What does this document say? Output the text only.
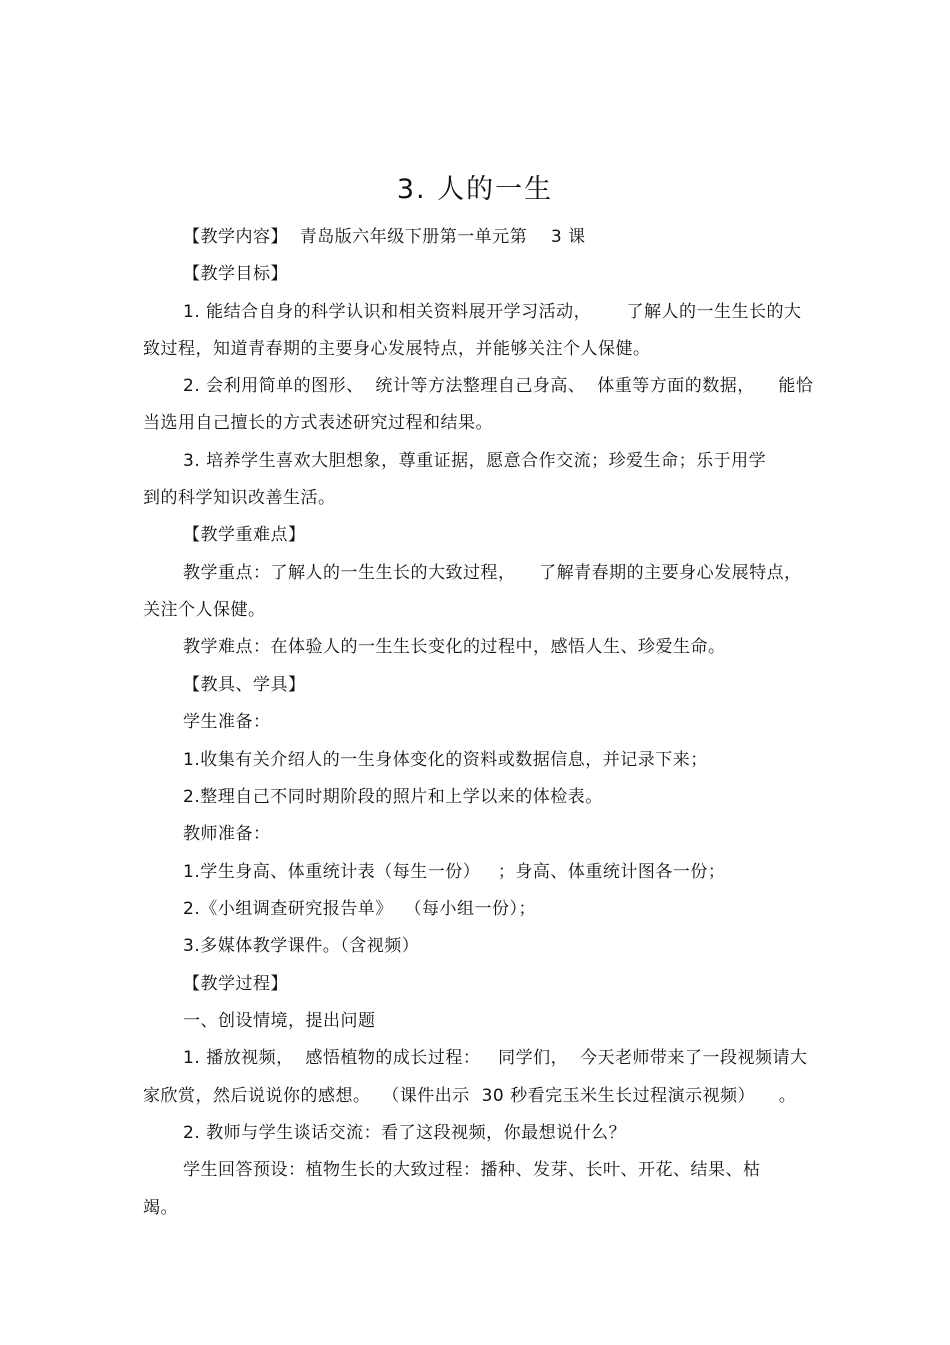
3. 人的一生
【教学内容】  青岛版六年级下册第一单元第    3 课
【教学目标】
1. 能结合自身的科学认识和相关资料展开学习活动，      了解人的一生生长的大
致过程，知道青春期的主要身心发展特点，并能够关注个人保健。
2. 会利用简单的图形、  统计等方法整理自己身高、  体重等方面的数据，    能恰
当选用自己擅长的方式表述研究过程和结果。
3. 培养学生喜欢大胆想象，尊重证据，愿意合作交流；珍爱生命；乐于用学
到的科学知识改善生活。
【教学重难点】
教学重点：了解人的一生生长的大致过程，    了解青春期的主要身心发展特点，
关注个人保健。
教学难点：在体验人的一生生长变化的过程中，感悟人生、珍爱生命。
【教具、学具】
学生准备：
1.收集有关介绍人的一生身体变化的资料或数据信息，并记录下来；
2.整理自己不同时期阶段的照片和上学以来的体检表。
教师准备：
1.学生身高、体重统计表（每生一份）   ；身高、体重统计图各一份；
2.《小组调查研究报告单》  （每小组一份）；
3.多媒体教学课件。（含视频）
【教学过程】
一、创设情境，提出问题
1. 播放视频，  感悟植物的成长过程：   同学们，  今天老师带来了一段视频请大
家欣赏，然后说说你的感想。  （课件出示  30 秒看完玉米生长过程演示视频）    。
2. 教师与学生谈话交流：看了这段视频，你最想说什么？
学生回答预设：植物生长的大致过程：播种、发芽、长叶、开花、结果、枯
竭。
